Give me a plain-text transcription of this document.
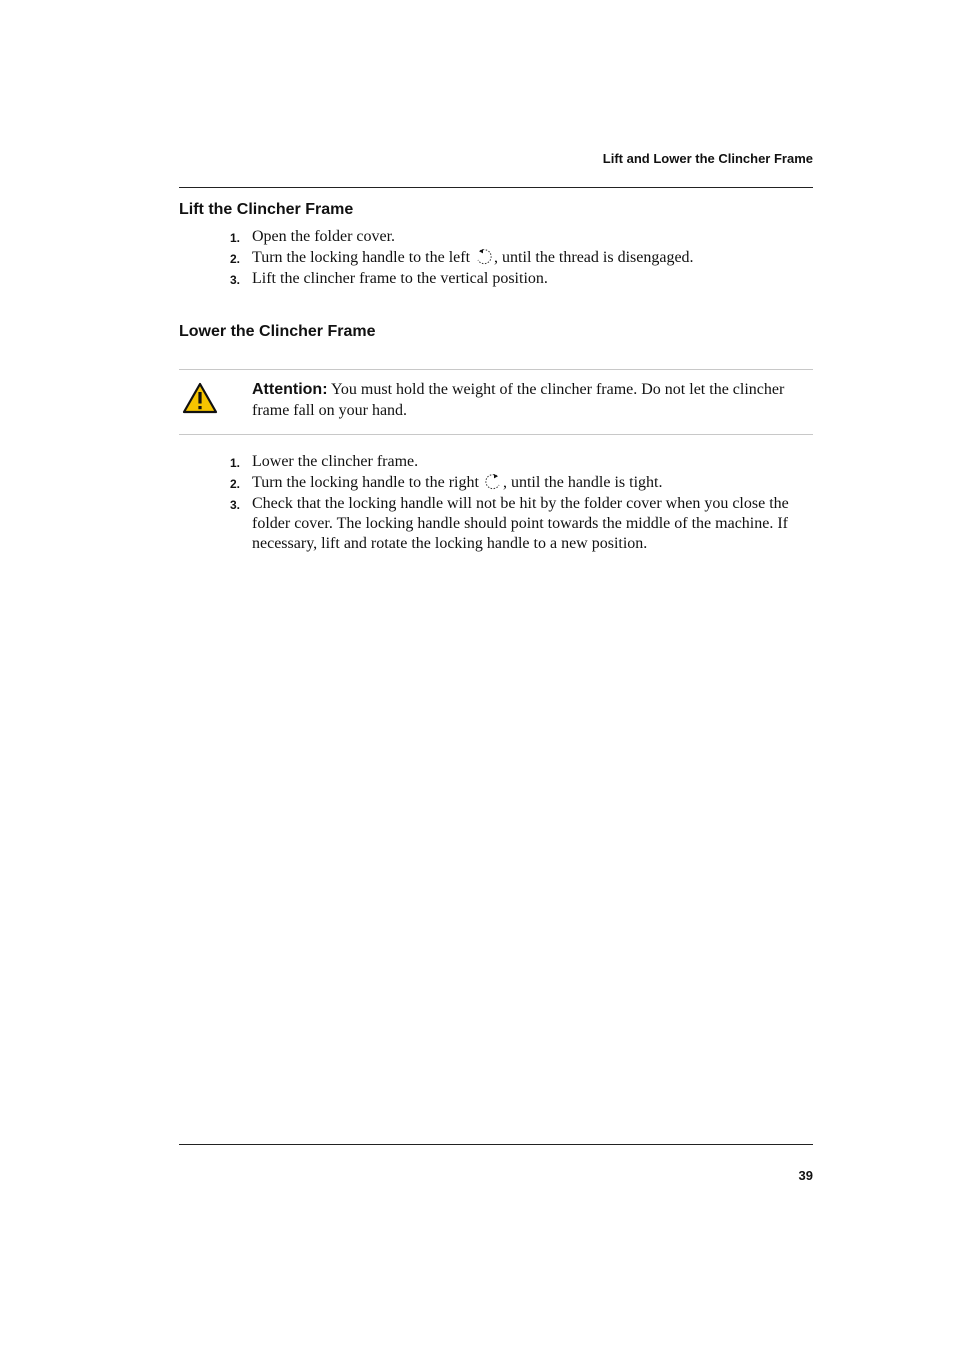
Lift and Lower the Clincher Frame
Lift the Clincher Frame
1. Open the folder cover.
2. Turn the locking handle to the left , until the thread is disengaged.
3. Lift the clincher frame to the vertical position.
Lower the Clincher Frame
Attention: You must hold the weight of the clincher frame. Do not let the clincher frame fall on your hand.
1. Lower the clincher frame.
2. Turn the locking handle to the right , until the handle is tight.
3. Check that the locking handle will not be hit by the folder cover when you close the folder cover. The locking handle should point towards the middle of the machine. If necessary, lift and rotate the locking handle to a new position.
39
